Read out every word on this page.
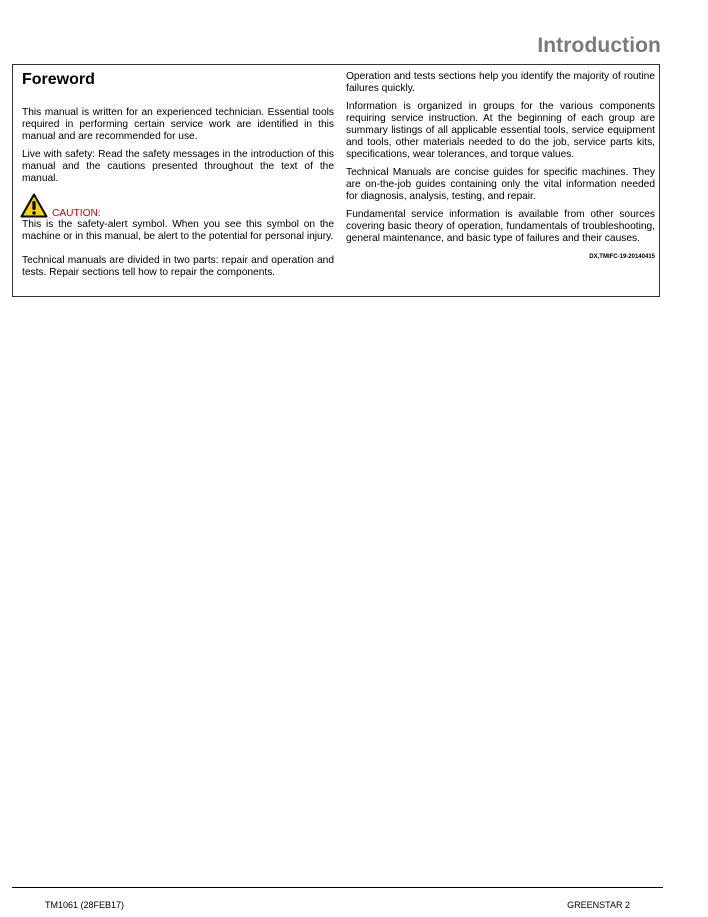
Introduction
Foreword

This manual is written for an experienced technician. Essential tools required in performing certain service work are identified in this manual and are recommended for use.

Live with safety: Read the safety messages in the introduction of this manual and the cautions presented throughout the text of the manual.

CAUTION:

This is the safety-alert symbol. When you see this symbol on the machine or in this manual, be alert to the potential for personal injury.

Technical manuals are divided in two parts: repair and operation and tests. Repair sections tell how to repair the components.

Operation and tests sections help you identify the majority of routine failures quickly.

Information is organized in groups for the various components requiring service instruction. At the beginning of each group are summary listings of all applicable essential tools, service equipment and tools, other materials needed to do the job, service parts kits, specifications, wear tolerances, and torque values.

Technical Manuals are concise guides for specific machines. They are on-the-job guides containing only the vital information needed for diagnosis, analysis, testing, and repair.

Fundamental service information is available from other sources covering basic theory of operation, fundamentals of troubleshooting, general maintenance, and basic type of failures and their causes.

DX,TMIFC-19-20140415
TM1061 (28FEB17)	GREENSTAR 2
